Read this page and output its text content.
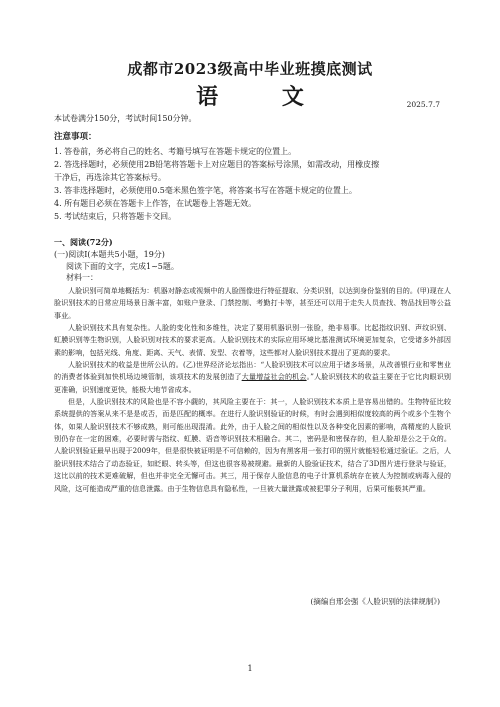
成都市2023级高中毕业班摸底测试
语 文	2025.7.7
本试卷满分150分，考试时间150分钟。
注意事项：

1. 答卷前，务必将自己的姓名、考籍号填写在答题卡规定的位置上。

2. 答选择题时，必须使用2B铅笔将答题卡上对应题目的答案标号涂黑，如需改动，用橡皮擦

干净后，再选涂其它答案标号。

3. 答非选择题时，必须使用0.5毫米黑色签字笔，将答案书写在答题卡规定的位置上。

4. 所有题目必须在答题卡上作答，在试题卷上答题无效。

5. 考试结束后，只将答题卡交回。

一、阅读(72分)
(一)阅读Ⅰ(本题共5小题，19分)
阅读下面的文字，完成1~5题。
材料一：

人脸识别可简单地概括为：机器对静态或视频中的人脸图像进行特征提取、分类识别，以达到身份鉴别的目的。(甲)现在人脸识别技术的日常应用场景日渐丰富，如账户登录、门禁控制、考勤打卡等，甚至还可以用于走失人员查找、物品找回等公益事业。

人脸识别技术具有复杂性。人脸的变化性和多维性，决定了要用机器识别一张脸，绝非易事。比起指纹识别、声纹识别、虹膜识别等生物识别，人脸识别对技术的要求更高。人脸识别技术的实际应用环境比基准测试环境更加复杂，它受诸多外部因素的影响，包括光线、角度、距离、天气、表情、发型、衣着等，这些都对人脸识别技术提出了更高的要求。

人脸识别技术的收益是世所公认的。(乙)世界经济论坛指出：“人脸识别技术可以应用于诸多场景，从改善银行业和零售业的消费者体验到加快机场边境管制，该项技术的发展创造了大量增益社会的机会。”人脸识别技术的收益主要在于它比肉眼识别更准确，识别速度更快，能极大地节省成本。

但是，人脸识别技术的风险也是不容小觑的，其风险主要在于：其一，人脸识别技术本质上是容易出错的。生物特征比较系统提供的答案从来不是是或否，而是匹配的概率。在进行人脸识别验证的时候，有时会遇到相似度较高的两个或多个生物个体，如果人脸识别技术不够成熟，则可能出现混淆。此外，由于人脸之间的相似性以及各种变化因素的影响，高精度的人脸识别仍存在一定的困难，必要时需与指纹、虹膜、语音等识别技术相融合。其二，密码是和密保存的，但人脸却是公之于众的。人脸识别验证最早出现于2009年，但是很快被证明是不可信赖的，因为有黑客用一张打印的照片就能轻松通过验证。之后，人脸识别技术结合了动态验证，如眨眼、转头等，但这也很容易被规避。最新的人脸验证技术，结合了3D图片进行登录与验证，这比以前的技术更难破解，但也并非完全无懈可击。其三，用于保存人脸信息的电子计算机系统存在被人为控制或病毒入侵的风险，这可能造成严重的信息泄露。由于生物信息具有隐私性，一旦被大量泄露或被犯罪分子利用，后果可能极其严重。

(摘编自邢会强《人脸识别的法律规制》)
1
